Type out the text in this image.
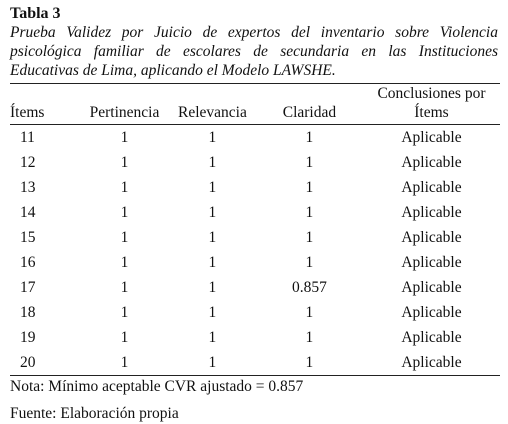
Tabla 3
Prueba Validez por Juicio de expertos del inventario sobre Violencia psicológica familiar de escolares de secundaria en las Instituciones Educativas de Lima, aplicando el Modelo LAWSHE.
Ítems	Pertinencia	Relevancia	Claridad	Conclusiones por Ítems
11	1	1	1	Aplicable
12	1	1	1	Aplicable
13	1	1	1	Aplicable
14	1	1	1	Aplicable
15	1	1	1	Aplicable
16	1	1	1	Aplicable
17	1	1	0.857	Aplicable
18	1	1	1	Aplicable
19	1	1	1	Aplicable
20	1	1	1	Aplicable
Nota: Mínimo aceptable CVR ajustado = 0.857
Fuente: Elaboración propia
